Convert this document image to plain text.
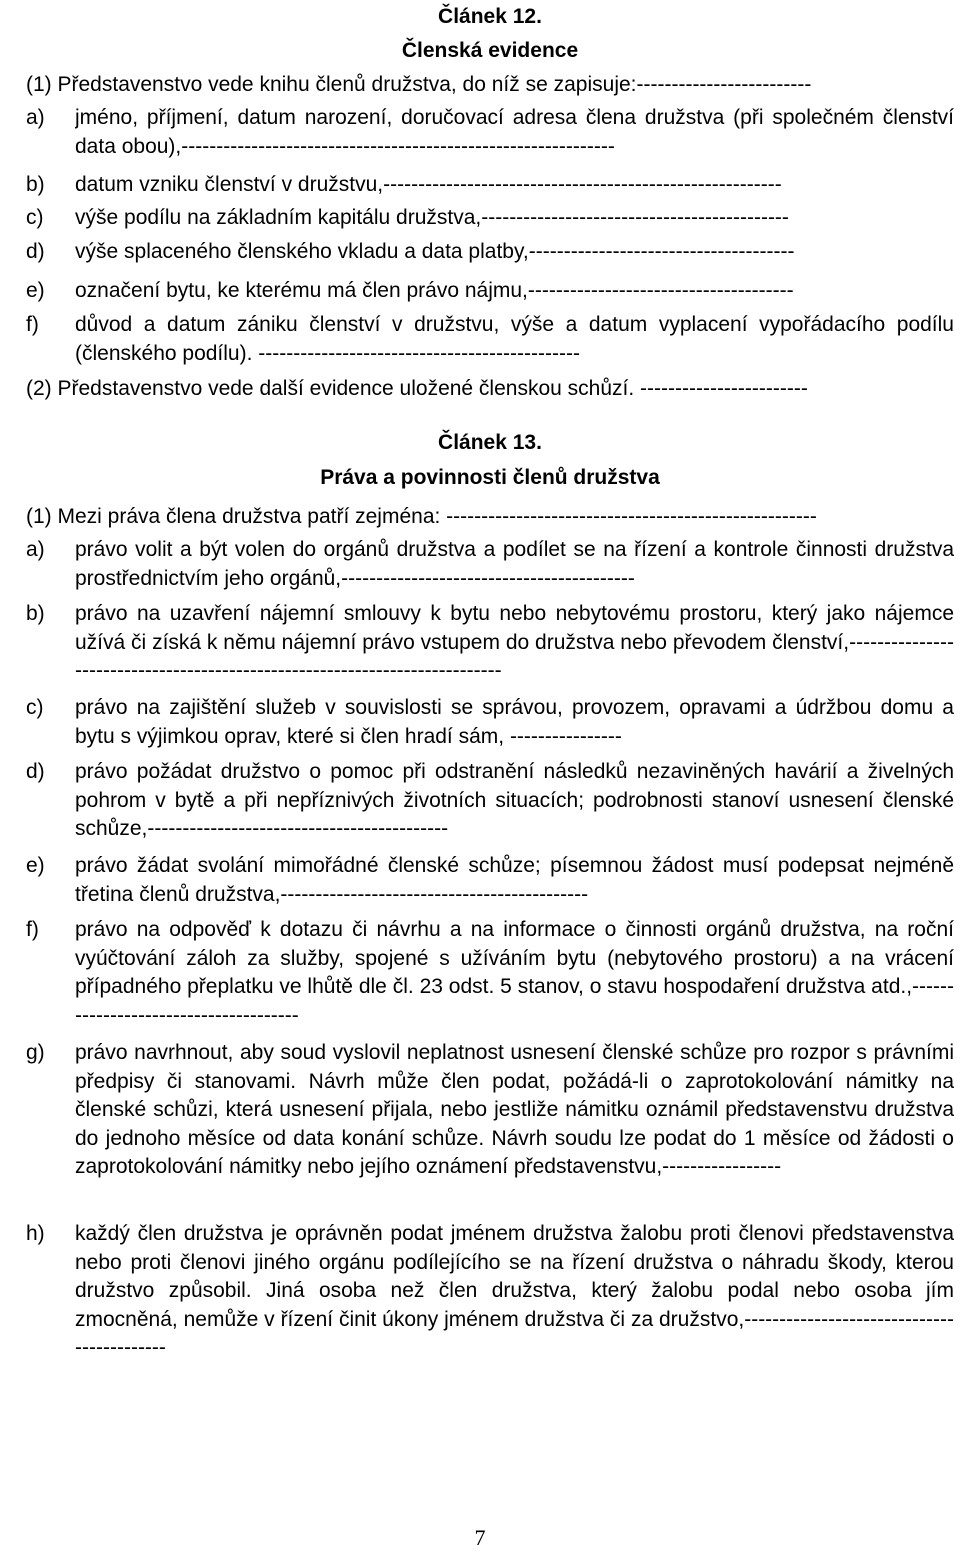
Článek 12.
Členská evidence
(1) Představenstvo vede knihu členů družstva, do níž se zapisuje:-------------------------
a) jméno, příjmení, datum narození, doručovací adresa člena družstva (při společném členství data obou),--------------------------------------------------------------
b) datum vzniku členství v družstvu,---------------------------------------------------------
c) výše podílu na základním kapitálu družstva,--------------------------------------------
d) výše splaceného členského vkladu a data platby,--------------------------------------
e) označení bytu, ke kterému má člen právo nájmu,--------------------------------------
f) důvod a datum zániku členství v družstvu, výše a datum vyplacení vypořádacího podílu (členského podílu). ----------------------------------------------
(2) Představenstvo vede další evidence uložené členskou schůzí. ------------------------
Článek 13.
Práva a povinnosti členů družstva
(1) Mezi práva člena družstva patří zejména: -----------------------------------------------------
a) právo volit a být volen do orgánů družstva a podílet se na řízení a kontrole činnosti družstva prostřednictvím jeho orgánů,------------------------------------------
b) právo na uzavření nájemní smlouvy k bytu nebo nebytovému prostoru, který jako nájemce užívá či získá k němu nájemní právo vstupem do družstva nebo převodem členství,----------------------------------------------------------------------------
c) právo na zajištění služeb v souvislosti se správou, provozem, opravami a údržbou domu a bytu s výjimkou oprav, které si člen hradí sám, ----------------
d) právo požádat družstvo o pomoc při odstranění následků nezaviněných havárií a živelných pohrom v bytě a při nepříznivých životních situacích; podrobnosti stanoví usnesení členské schůze,-------------------------------------------
e) právo žádat svolání mimořádné členské schůze; písemnou žádost musí podepsat nejméně třetina členů družstva,--------------------------------------------
f) právo na odpověď k dotazu či návrhu a na informace o činnosti orgánů družstva, na roční vyúčtování záloh za služby, spojené s užíváním bytu (nebytového prostoru) a na vrácení případného přeplatku ve lhůtě dle čl. 23 odst. 5 stanov, o stavu hospodaření družstva atd.,--------------------------------------
g) právo navrhnout, aby soud vyslovil neplatnost usnesení členské schůze pro rozpor s právními předpisy či stanovami. Návrh může člen podat, požádá-li o zaprotokolování námitky na členské schůzi, která usnesení přijala, nebo jestliže námitku oznámil představenstvu družstva do jednoho měsíce od data konání schůze. Návrh soudu lze podat do 1 měsíce od žádosti o zaprotokolování námitky nebo jejího oznámení představenstvu,-----------------
h) každý člen družstva je oprávněn podat jménem družstva žalobu proti členovi představenstva nebo proti členovi jiného orgánu podílejícího se na řízení družstva o náhradu škody, kterou družstvo způsobil. Jiná osoba než člen družstva, který žalobu podal nebo osoba jím zmocněná, nemůže v řízení činit úkony jménem družstva či za družstvo,-------------------------------------------
7
